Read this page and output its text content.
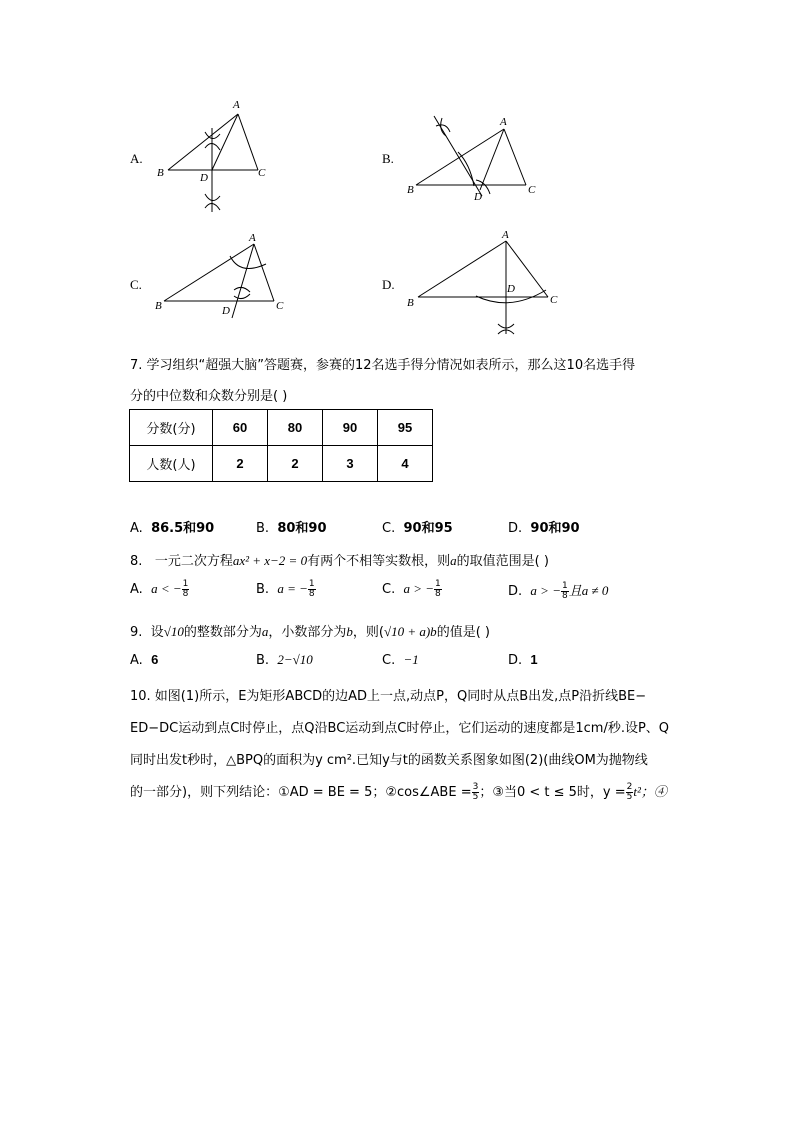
A.
A
B	C
D
B.
A
B	C
D
C.
A
B	C
D
D.
A
B	C
D
7. 学习组织“超强大脑”答题赛，参赛的12名选手得分情况如表所示，那么这10名选手得
分的中位数和众数分别是( )
分数(分)	60	80	90	95
人数(人)	2	2	3	4
A. 86.5和90	B. 80和90	C. 90和95	D. 90和90
8. 一元二次方程ax² + x−2 = 0有两个不相等实数根，则a的取值范围是( )
A. a < − $\frac{1}{8}$	B. a = − $\frac{1}{8}$	C. a > − $\frac{1}{8}$	D. a > − $\frac{1}{8}$ 且a ≠ 0
9. 设√10的整数部分为a，小数部分为b，则(√10 + a)b的值是( )
A. 6	B. 2−√10	C. −1	D. 1
10. 如图(1)所示，E为矩形ABCD的边AD上一点,动点P，Q同时从点B出发,点P沿折线BE−
ED−DC运动到点C时停止，点Q沿BC运动到点C时停止，它们运动的速度都是1cm/秒.设P、Q
同时出发t秒时，△BPQ的面积为y cm².已知y与t的函数关系图象如图(2)(曲线OM为抛物线
的一部分)，则下列结论：①AD = BE = 5；②cos∠ABE = $\frac{3}{5}$ ；③当0 < t ≤ 5时，$y = \frac{2}{5} t^2$；④
